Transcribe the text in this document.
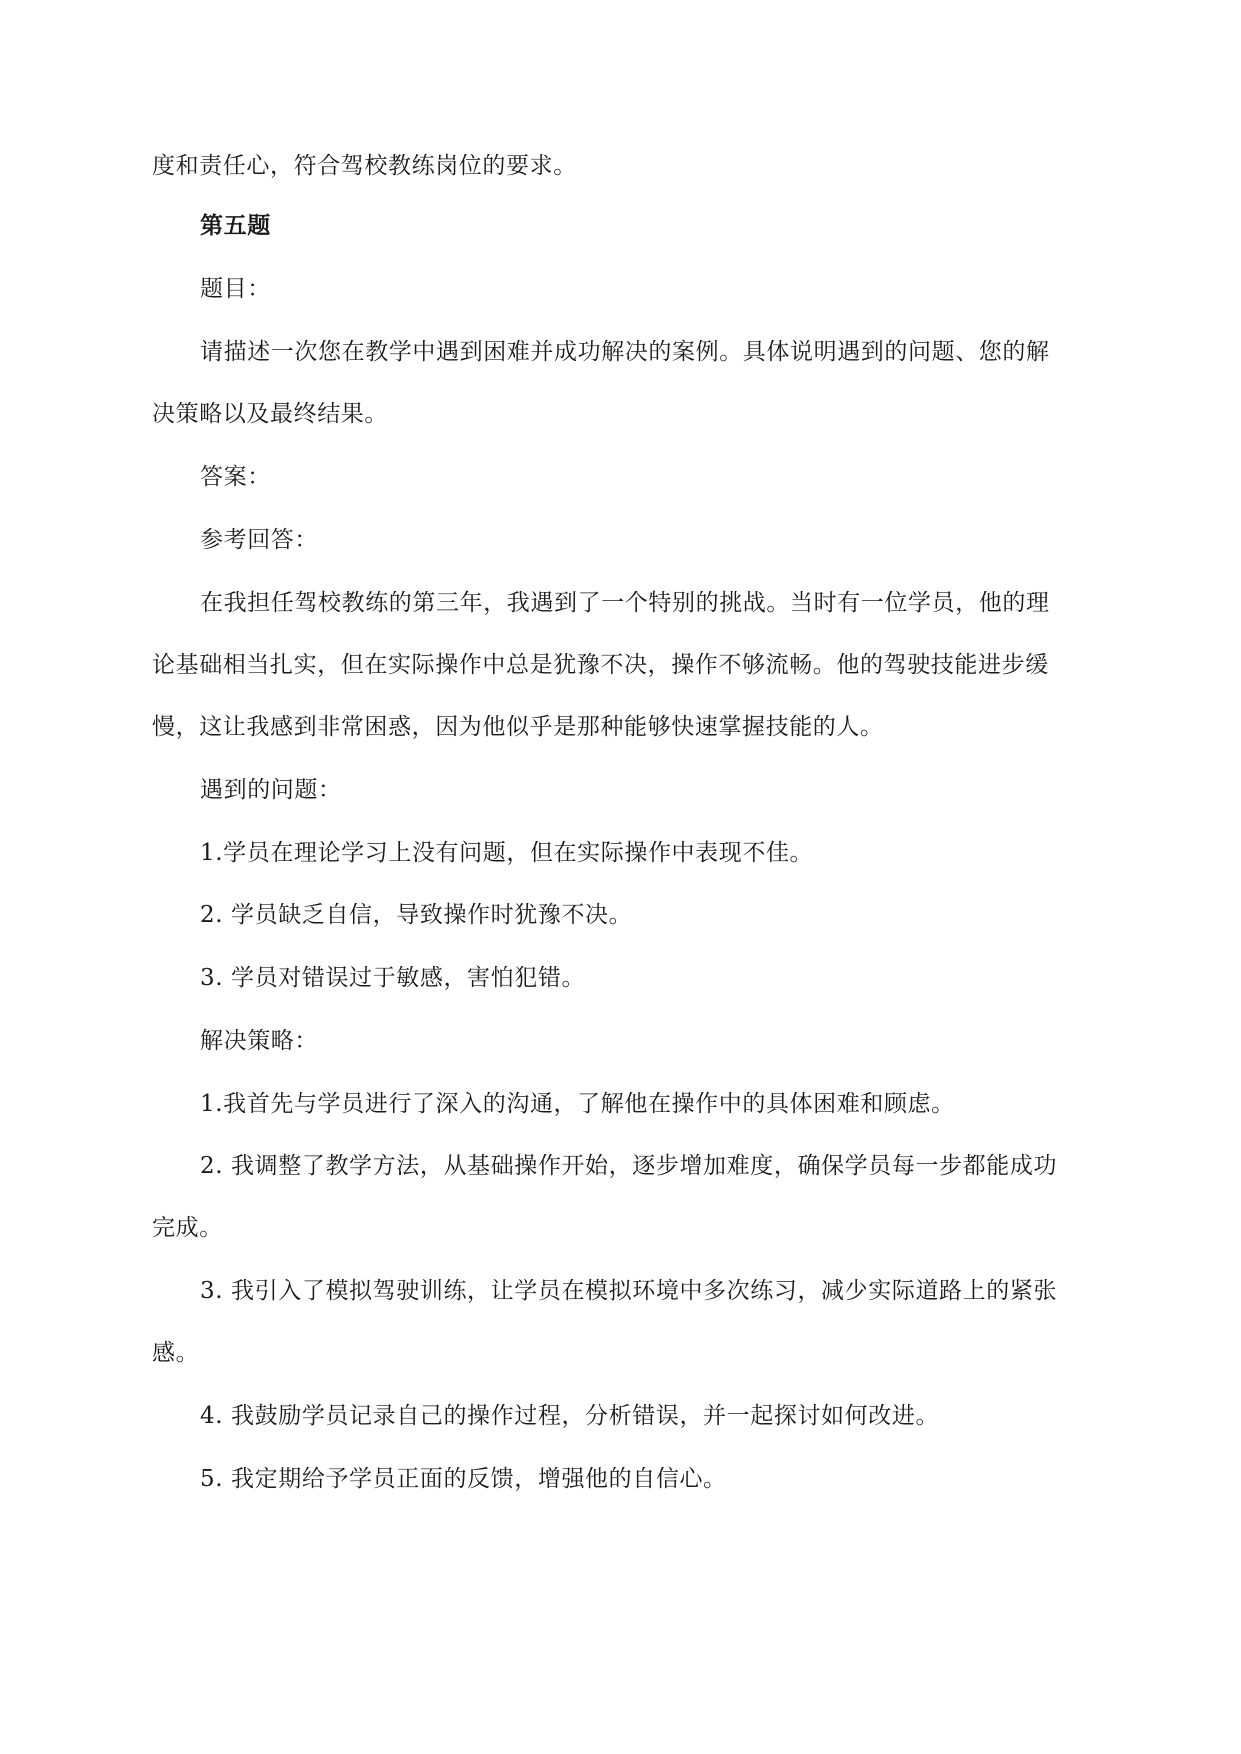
度和责任心，符合驾校教练岗位的要求。
第五题
题目：
请描述一次您在教学中遇到困难并成功解决的案例。具体说明遇到的问题、您的解
决策略以及最终结果。
答案：
参考回答：
在我担任驾校教练的第三年，我遇到了一个特别的挑战。当时有一位学员，他的理
论基础相当扎实，但在实际操作中总是犹豫不决，操作不够流畅。他的驾驶技能进步缓
慢，这让我感到非常困惑，因为他似乎是那种能够快速掌握技能的人。
遇到的问题：
1.学员在理论学习上没有问题，但在实际操作中表现不佳。
2. 学员缺乏自信，导致操作时犹豫不决。
3. 学员对错误过于敏感，害怕犯错。
解决策略：
1.我首先与学员进行了深入的沟通，了解他在操作中的具体困难和顾虑。
2. 我调整了教学方法，从基础操作开始，逐步增加难度，确保学员每一步都能成功
完成。
3. 我引入了模拟驾驶训练，让学员在模拟环境中多次练习，减少实际道路上的紧张
感。
4. 我鼓励学员记录自己的操作过程，分析错误，并一起探讨如何改进。
5. 我定期给予学员正面的反馈，增强他的自信心。
